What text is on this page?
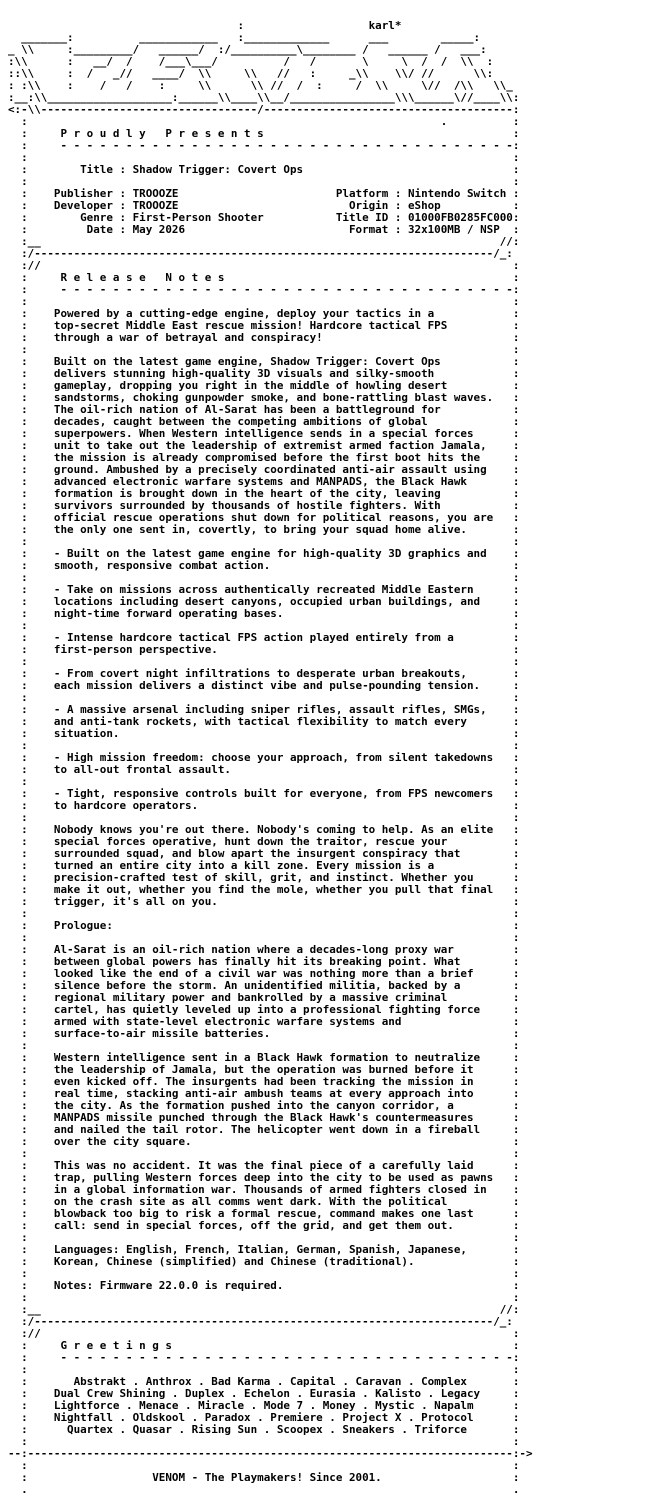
:                   karl*
_______:          ____________   :_____________      ___        _____:
_ \\     :_________/   ______/  :/__________\________ /   ______ /   ___:
:\\      :   __/  /    /___\___/          /   /       \     \  /  /  \\  :
::\\     :  /   _//   ____/  \\     \\   //   :     _\\    \\/ //      \\:
: :\\    :    /   /    :     \\      \\ //  /  :     /  \\     \//  /\\   \\_
:__:\\___________________:______\\____\\__/________________\\\______\//____\\:
<:-\\---------------------------------/--------------------------------------:
:                                                               .          :
:     P r o u d l y   P r e s e n t s                                      :
:     - - - - - - - - - - - - - - - - - - - - - - - - - - - - - - - - - - -:
:                                                                          :
:        Title : Shadow Trigger: Covert Ops                                :
:                                                                          :
:    Publisher : TROOOZE                        Platform : Nintendo Switch :
:    Developer : TROOOZE                          Origin : eShop           :
:        Genre : First-Person Shooter           Title ID : 01000FB0285FC000:
:         Date : May 2026                         Format : 32x100MB / NSP  :
:__                                                                      //:
:/----------------------------------------------------------------------/_:
://                                                                        :
:     R e l e a s e   N o t e s                                            :
:     - - - - - - - - - - - - - - - - - - - - - - - - - - - - - - - - - - -:
:                                                                          :
:    Powered by a cutting-edge engine, deploy your tactics in a            :
:    top-secret Middle East rescue mission! Hardcore tactical FPS          :
:    through a war of betrayal and conspiracy!                             :
:                                                                          :
:    Built on the latest game engine, Shadow Trigger: Covert Ops           :
:    delivers stunning high-quality 3D visuals and silky-smooth            :
:    gameplay, dropping you right in the middle of howling desert          :
:    sandstorms, choking gunpowder smoke, and bone-rattling blast waves.   :
:    The oil-rich nation of Al-Sarat has been a battleground for           :
:    decades, caught between the competing ambitions of global             :
:    superpowers. When Western intelligence sends in a special forces      :
:    unit to take out the leadership of extremist armed faction Jamala,    :
:    the mission is already compromised before the first boot hits the     :
:    ground. Ambushed by a precisely coordinated anti-air assault using    :
:    advanced electronic warfare systems and MANPADS, the Black Hawk       :
:    formation is brought down in the heart of the city, leaving           :
:    survivors surrounded by thousands of hostile fighters. With           :
:    official rescue operations shut down for political reasons, you are   :
:    the only one sent in, covertly, to bring your squad home alive.       :
:                                                                          :
:    - Built on the latest game engine for high-quality 3D graphics and    :
:    smooth, responsive combat action.                                     :
:                                                                          :
:    - Take on missions across authentically recreated Middle Eastern      :
:    locations including desert canyons, occupied urban buildings, and     :
:    night-time forward operating bases.                                   :
:                                                                          :
:    - Intense hardcore tactical FPS action played entirely from a         :
:    first-person perspective.                                             :
:                                                                          :
:    - From covert night infiltrations to desperate urban breakouts,       :
:    each mission delivers a distinct vibe and pulse-pounding tension.     :
:                                                                          :
:    - A massive arsenal including sniper rifles, assault rifles, SMGs,    :
:    and anti-tank rockets, with tactical flexibility to match every       :
:    situation.                                                            :
:                                                                          :
:    - High mission freedom: choose your approach, from silent takedowns   :
:    to all-out frontal assault.                                           :
:                                                                          :
:    - Tight, responsive controls built for everyone, from FPS newcomers   :
:    to hardcore operators.                                                :
:                                                                          :
:    Nobody knows you're out there. Nobody's coming to help. As an elite   :
:    special forces operative, hunt down the traitor, rescue your          :
:    surrounded squad, and blow apart the insurgent conspiracy that        :
:    turned an entire city into a kill zone. Every mission is a            :
:    precision-crafted test of skill, grit, and instinct. Whether you      :
:    make it out, whether you find the mole, whether you pull that final   :
:    trigger, it's all on you.                                             :
:                                                                          :
:    Prologue:                                                             :
:                                                                          :
:    Al-Sarat is an oil-rich nation where a decades-long proxy war         :
:    between global powers has finally hit its breaking point. What        :
:    looked like the end of a civil war was nothing more than a brief      :
:    silence before the storm. An unidentified militia, backed by a        :
:    regional military power and bankrolled by a massive criminal          :
:    cartel, has quietly leveled up into a professional fighting force     :
:    armed with state-level electronic warfare systems and                 :
:    surface-to-air missile batteries.                                     :
:                                                                          :
:    Western intelligence sent in a Black Hawk formation to neutralize     :
:    the leadership of Jamala, but the operation was burned before it      :
:    even kicked off. The insurgents had been tracking the mission in      :
:    real time, stacking anti-air ambush teams at every approach into      :
:    the city. As the formation pushed into the canyon corridor, a         :
:    MANPADS missile punched through the Black Hawk's countermeasures      :
:    and nailed the tail rotor. The helicopter went down in a fireball     :
:    over the city square.                                                 :
:                                                                          :
:    This was no accident. It was the final piece of a carefully laid      :
:    trap, pulling Western forces deep into the city to be used as pawns   :
:    in a global information war. Thousands of armed fighters closed in    :
:    on the crash site as all comms went dark. With the political          :
:    blowback too big to risk a formal rescue, command makes one last      :
:    call: send in special forces, off the grid, and get them out.         :
:                                                                          :
:    Languages: English, French, Italian, German, Spanish, Japanese,       :
:    Korean, Chinese (simplified) and Chinese (traditional).               :
:                                                                          :
:    Notes: Firmware 22.0.0 is required.                                   :
:                                                                          :
:__                                                                      //:
:/----------------------------------------------------------------------/_:
://                                                                        :
:     G r e e t i n g s                                                    :
:     - - - - - - - - - - - - - - - - - - - - - - - - - - - - - - - - - - -:
:                                                                          :
:       Abstrakt . Anthrox . Bad Karma . Capital . Caravan . Complex       :
:    Dual Crew Shining . Duplex . Echelon . Eurasia . Kalisto . Legacy     :
:    Lightforce . Menace . Miracle . Mode 7 . Money . Mystic . Napalm      :
:    Nightfall . Oldskool . Paradox . Premiere . Project X . Protocol      :
:      Quartex . Quasar . Rising Sun . Scoopex . Sneakers . Triforce       :
:                                                                          :
--:--------------------------------------------------------------------------:->
:                                                                          :
:                   VENOM - The Playmakers! Since 2001.                    :
.                                                                          .
